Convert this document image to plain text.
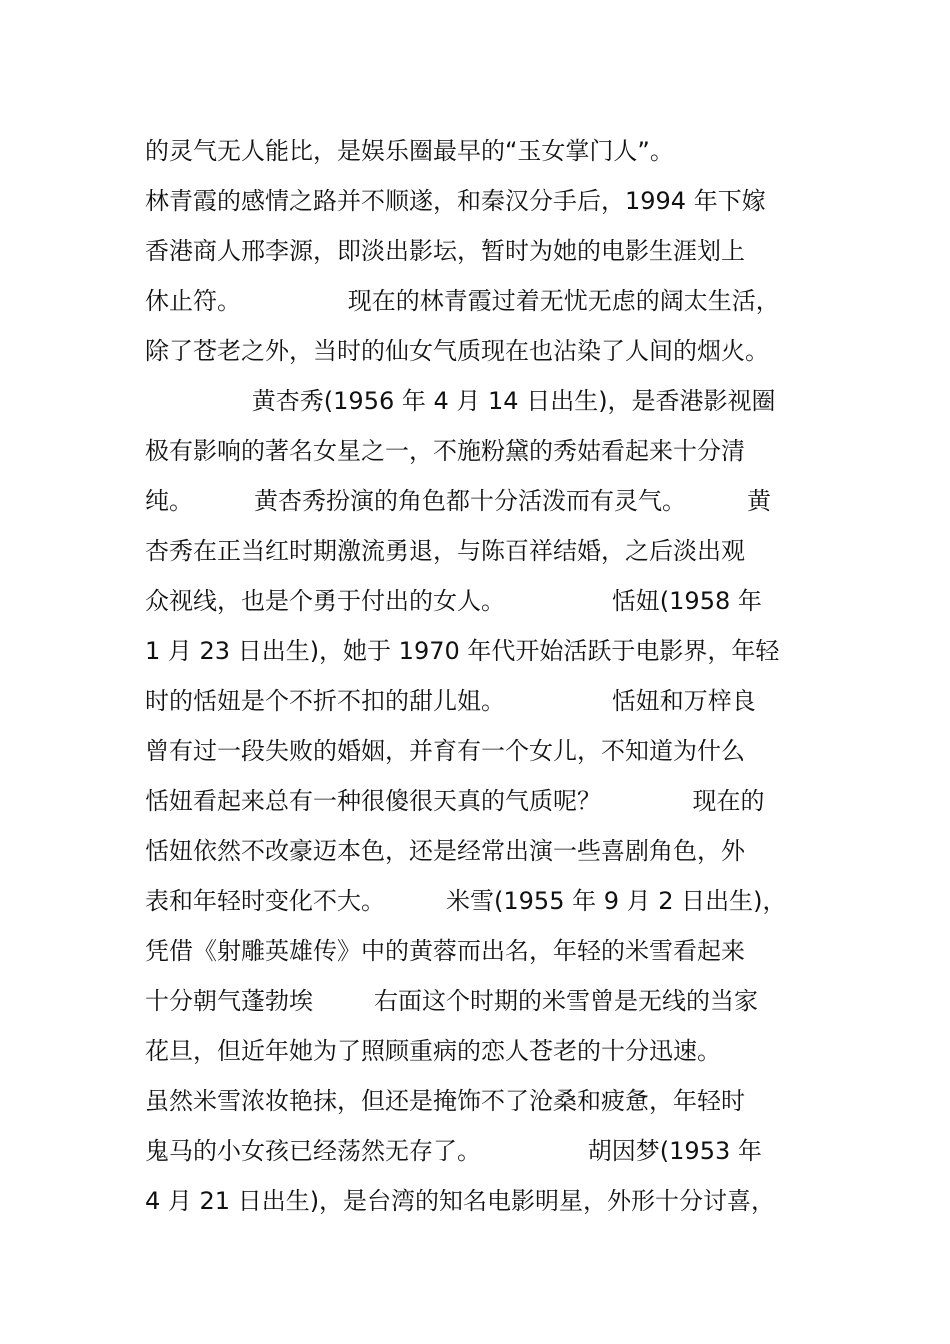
的灵气无人能比，是娱乐圈最早的“玉女掌门人”。
林青霞的感情之路并不顺遂，和秦汉分手后，1994 年下嫁
香港商人邢李源，即淡出影坛，暂时为她的电影生涯划上
休止符。              现在的林青霞过着无忧无虑的阔太生活，
除了苍老之外，当时的仙女气质现在也沾染了人间的烟火。
黄杏秀(1956 年 4 月 14 日出生)，是香港影视圈
极有影响的著名女星之一，不施粉黛的秀姑看起来十分清
纯。        黄杏秀扮演的角色都十分活泼而有灵气。        黄
杏秀在正当红时期激流勇退，与陈百祥结婚，之后淡出观
众视线，也是个勇于付出的女人。              恬妞(1958 年
1 月 23 日出生)，她于 1970 年代开始活跃于电影界，年轻
时的恬妞是个不折不扣的甜儿姐。              恬妞和万梓良
曾有过一段失败的婚姻，并育有一个女儿，不知道为什么
恬妞看起来总有一种很傻很天真的气质呢？            现在的
恬妞依然不改豪迈本色，还是经常出演一些喜剧角色，外
表和年轻时变化不大。        米雪(1955 年 9 月 2 日出生)，
凭借《射雕英雄传》中的黄蓉而出名，年轻的米雪看起来
十分朝气蓬勃埃        右面这个时期的米雪曾是无线的当家
花旦，但近年她为了照顾重病的恋人苍老的十分迅速。
虽然米雪浓妆艳抹，但还是掩饰不了沧桑和疲惫，年轻时
鬼马的小女孩已经荡然无存了。              胡因梦(1953 年
4 月 21 日出生)，是台湾的知名电影明星，外形十分讨喜，
